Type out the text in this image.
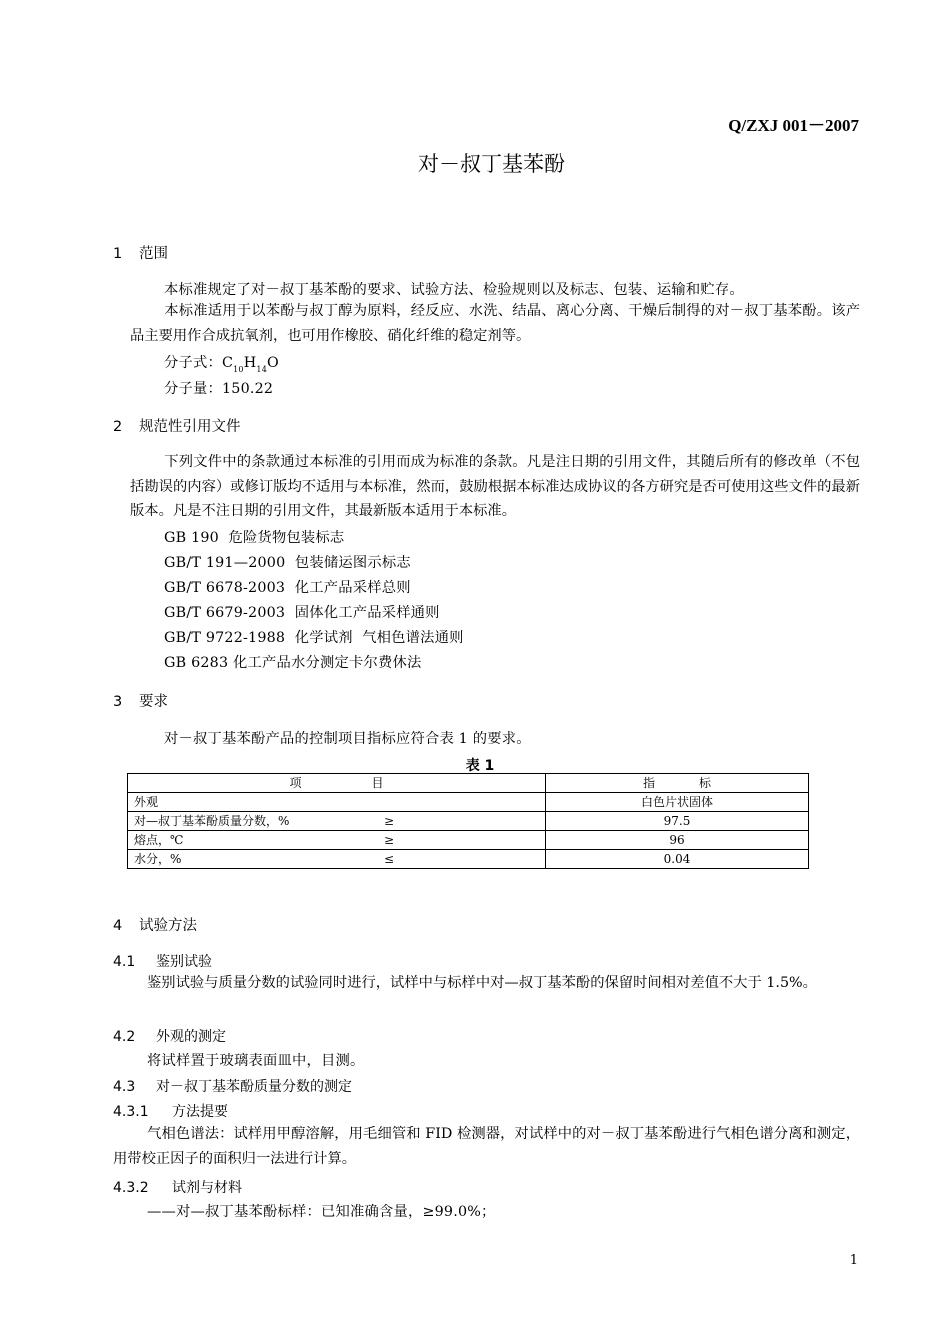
Q/ZXJ 001－2007
对－叔丁基苯酚
1 范围
本标准规定了对－叔丁基苯酚的要求、试验方法、检验规则以及标志、包装、运输和贮存。
本标准适用于以苯酚与叔丁醇为原料，经反应、水洗、结晶、离心分离、干燥后制得的对－叔丁基苯酚。该产品主要用作合成抗氧剂，也可用作橡胶、硝化纤维的稳定剂等。
分子式：$C_{10}H_{14}O$
分子量：150.22
2 规范性引用文件
下列文件中的条款通过本标准的引用而成为标准的条款。凡是注日期的引用文件，其随后所有的修改单（不包括勘误的内容）或修订版均不适用与本标准，然而，鼓励根据本标准达成协议的各方研究是否可使用这些文件的最新版本。凡是不注日期的引用文件，其最新版本适用于本标准。
GB 190  危险货物包装标志
GB/T 191—2000  包装储运图示标志
GB/T 6678-2003  化工产品采样总则
GB/T 6679-2003  固体化工产品采样通则
GB/T 9722-1988  化学试剂  气相色谱法通则
GB 6283 化工产品水分测定卡尔费休法
3 要求
对－叔丁基苯酚产品的控制项目指标应符合表 1 的要求。
表 1
项 目	指 标

外观	白色片状固体

对—叔丁基苯酚质量分数，% ≥	97.5

熔点，℃ ≥	96

水分，% ≤	0.04
4 试验方法
4.1 鉴别试验
鉴别试验与质量分数的试验同时进行，试样中与标样中对—叔丁基苯酚的保留时间相对差值不大于 1.5%。
4.2 外观的测定
将试样置于玻璃表面皿中，目测。
4.3 对－叔丁基苯酚质量分数的测定
4.3.1 方法提要
气相色谱法：试样用甲醇溶解，用毛细管和 FID 检测器，对试样中的对－叔丁基苯酚进行气相色谱分离和测定，用带校正因子的面积归一法进行计算。
4.3.2 试剂与材料
——对—叔丁基苯酚标样：已知准确含量，≥99.0%；
1
